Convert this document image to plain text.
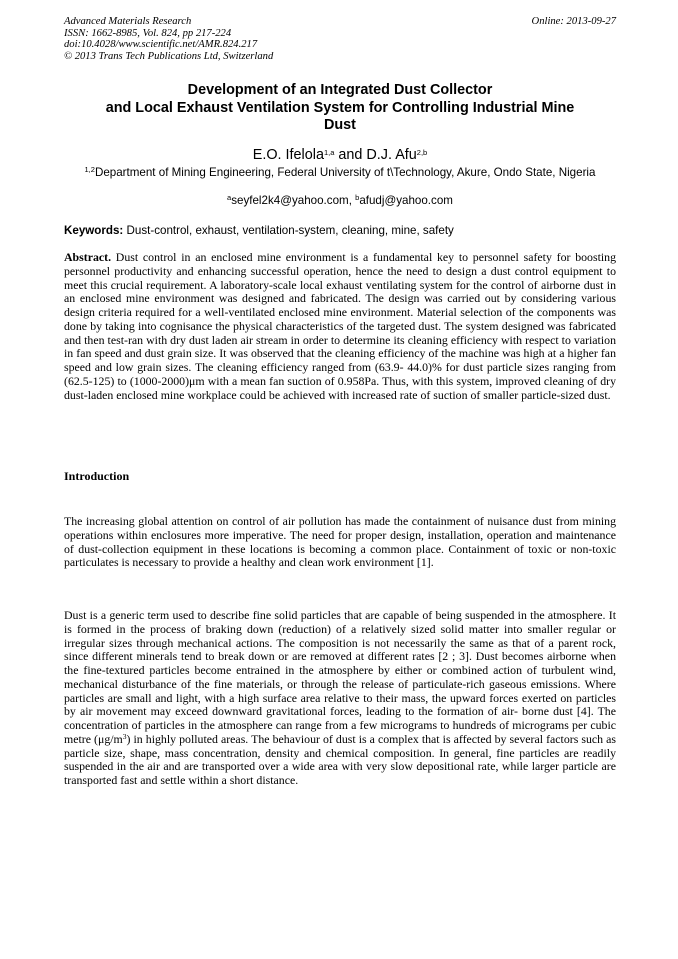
Advanced Materials Research
ISSN: 1662-8985, Vol. 824, pp 217-224
doi:10.4028/www.scientific.net/AMR.824.217
© 2013 Trans Tech Publications Ltd, Switzerland
Online: 2013-09-27
Development of an Integrated Dust Collector
and Local Exhaust Ventilation System for Controlling Industrial Mine
Dust
E.O. Ifelola$^{1,a}$ and D.J. Afu$^{2,b}$
$^{1,2}$Department of Mining Engineering, Federal University of t\Technology, Akure, Ondo State, Nigeria
$^a$seyfel2k4@yahoo.com, $^b$afudj@yahoo.com
Keywords: Dust-control, exhaust, ventilation-system, cleaning, mine, safety

Abstract. Dust control in an enclosed mine environment is a fundamental key to personnel safety for boosting personnel productivity and enhancing successful operation, hence the need to design a dust control equipment to meet this crucial requirement. A laboratory-scale local exhaust ventilating system for the control of airborne dust in an enclosed mine environment was designed and fabricated. The design was carried out by considering various design criteria required for a well-ventilated enclosed mine environment. Material selection of the components was done by taking into cognisance the physical characteristics of the targeted dust. The system designed was fabricated and then test-ran with dry dust laden air stream in order to determine its cleaning efficiency with respect to variation in fan speed and dust grain size. It was observed that the cleaning efficiency of the machine was high at a higher fan speed and low grain sizes. The cleaning efficiency ranged from (63.9- 44.0)% for dust particle sizes ranging from (62.5-125) to (1000-2000)μm with a mean fan suction of 0.958Pa. Thus, with this system, improved cleaning of dry dust-laden enclosed mine workplace could be achieved with increased rate of suction of smaller particle-sized dust.

Introduction

The increasing global attention on control of air pollution has made the containment of nuisance dust from mining operations within enclosures more imperative. The need for proper design, installation, operation and maintenance of dust-collection equipment in these locations is becoming a common place. Containment of toxic or non-toxic particulates is necessary to provide a healthy and clean work environment [1].

Dust is a generic term used to describe fine solid particles that are capable of being suspended in the atmosphere. It is formed in the process of braking down (reduction) of a relatively sized solid matter into smaller regular or irregular sizes through mechanical actions. The composition is not necessarily the same as that of a parent rock, since different minerals tend to break down or are removed at different rates [2 ; 3]. Dust becomes airborne when the fine-textured particles become entrained in the atmosphere by either or combined action of turbulent wind, mechanical disturbance of the fine materials, or through the release of particulate-rich gaseous emissions. Where particles are small and light, with a high surface area relative to their mass, the upward forces exerted on particles by air movement may exceed downward gravitational forces, leading to the formation of air- borne dust [4]. The concentration of particles in the atmosphere can range from a few micrograms to hundreds of micrograms per cubic metre $(\mu g/m^3)$ in highly polluted areas. The behaviour of dust is a complex that is affected by several factors such as particle size, shape, mass concentration, density and chemical composition. In general, fine particles are readily suspended in the air and are transported over a wide area with very slow depositional rate, while larger particle are transported fast and settle within a short distance.
